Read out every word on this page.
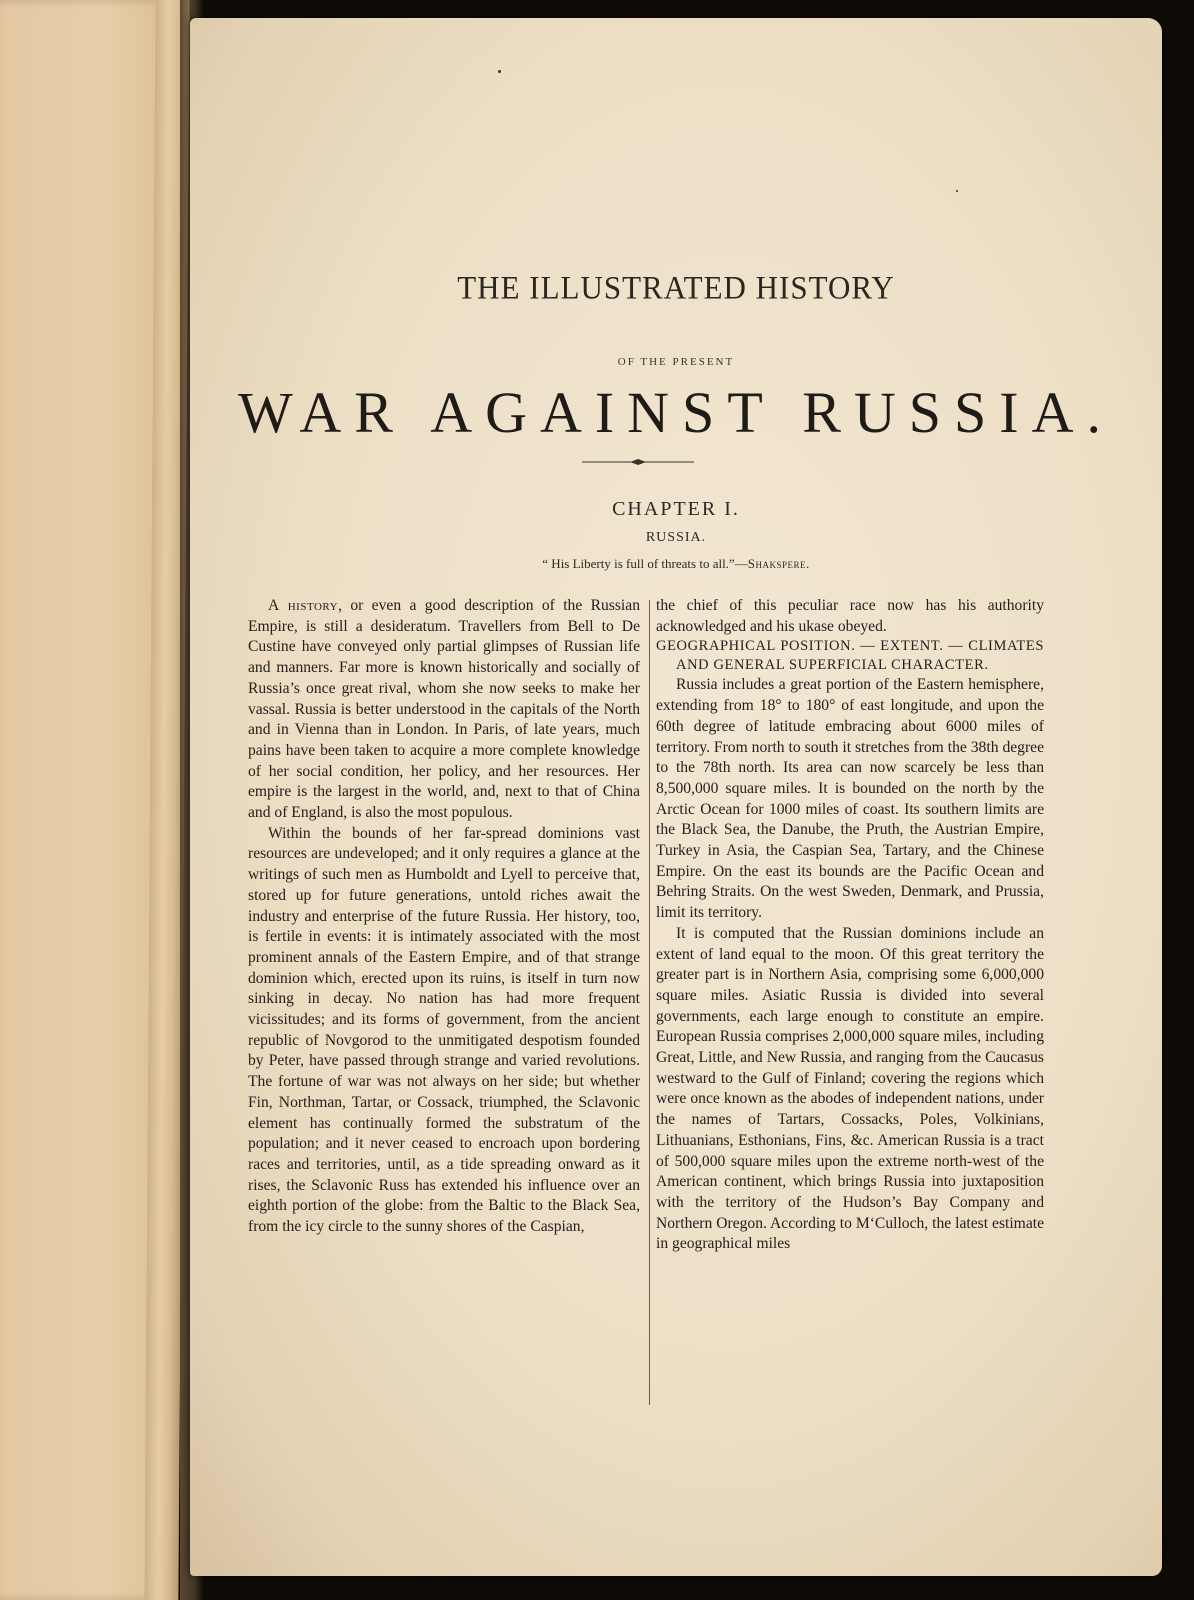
THE ILLUSTRATED HISTORY
OF THE PRESENT
WAR AGAINST RUSSIA.
CHAPTER I.
RUSSIA.
“ His Liberty is full of threats to all.”—Shakspere.

A history, or even a good description of the Russian Empire, is still a desideratum. Travellers from Bell to De Custine have conveyed only partial glimpses of Russian life and manners. Far more is known historically and socially of Russia’s once great rival, whom she now seeks to make her vassal. Russia is better understood in the capitals of the North and in Vienna than in London. In Paris, of late years, much pains have been taken to acquire a more complete knowledge of her social condition, her policy, and her resources. Her empire is the largest in the world, and, next to that of China and of England, is also the most populous.

Within the bounds of her far-spread dominions vast resources are undeveloped; and it only requires a glance at the writings of such men as Humboldt and Lyell to perceive that, stored up for future generations, untold riches await the industry and enterprise of the future Russia. Her history, too, is fertile in events: it is intimately associated with the most prominent annals of the Eastern Empire, and of that strange dominion which, erected upon its ruins, is itself in turn now sinking in decay. No nation has had more frequent vicissitudes; and its forms of government, from the ancient republic of Novgorod to the unmitigated despotism founded by Peter, have passed through strange and varied revolutions. The fortune of war was not always on her side; but whether Fin, Northman, Tartar, or Cossack, triumphed, the Sclavonic element has continually formed the substratum of the population; and it never ceased to encroach upon bordering races and territories, until, as a tide spreading onward as it rises, the Sclavonic Russ has extended his influence over an eighth portion of the globe: from the Baltic to the Black Sea, from the icy circle to the sunny shores of the Caspian,

the chief of this peculiar race now has his authority acknowledged and his ukase obeyed.

GEOGRAPHICAL POSITION. — EXTENT. — CLIMATES AND GENERAL SUPERFICIAL CHARACTER.

Russia includes a great portion of the Eastern hemisphere, extending from 18° to 180° of east longitude, and upon the 60th degree of latitude embracing about 6000 miles of territory. From north to south it stretches from the 38th degree to the 78th north. Its area can now scarcely be less than 8,500,000 square miles. It is bounded on the north by the Arctic Ocean for 1000 miles of coast. Its southern limits are the Black Sea, the Danube, the Pruth, the Austrian Empire, Turkey in Asia, the Caspian Sea, Tartary, and the Chinese Empire. On the east its bounds are the Pacific Ocean and Behring Straits. On the west Sweden, Denmark, and Prussia, limit its territory.

It is computed that the Russian dominions include an extent of land equal to the moon. Of this great territory the greater part is in Northern Asia, comprising some 6,000,000 square miles. Asiatic Russia is divided into several governments, each large enough to constitute an empire. European Russia comprises 2,000,000 square miles, including Great, Little, and New Russia, and ranging from the Caucasus westward to the Gulf of Finland; covering the regions which were once known as the abodes of independent nations, under the names of Tartars, Cossacks, Poles, Volkinians, Lithuanians, Esthonians, Fins, &c. American Russia is a tract of 500,000 square miles upon the extreme north-west of the American continent, which brings Russia into juxtaposition with the territory of the Hudson’s Bay Company and Northern Oregon. According to M‘Culloch, the latest estimate in geographical miles
